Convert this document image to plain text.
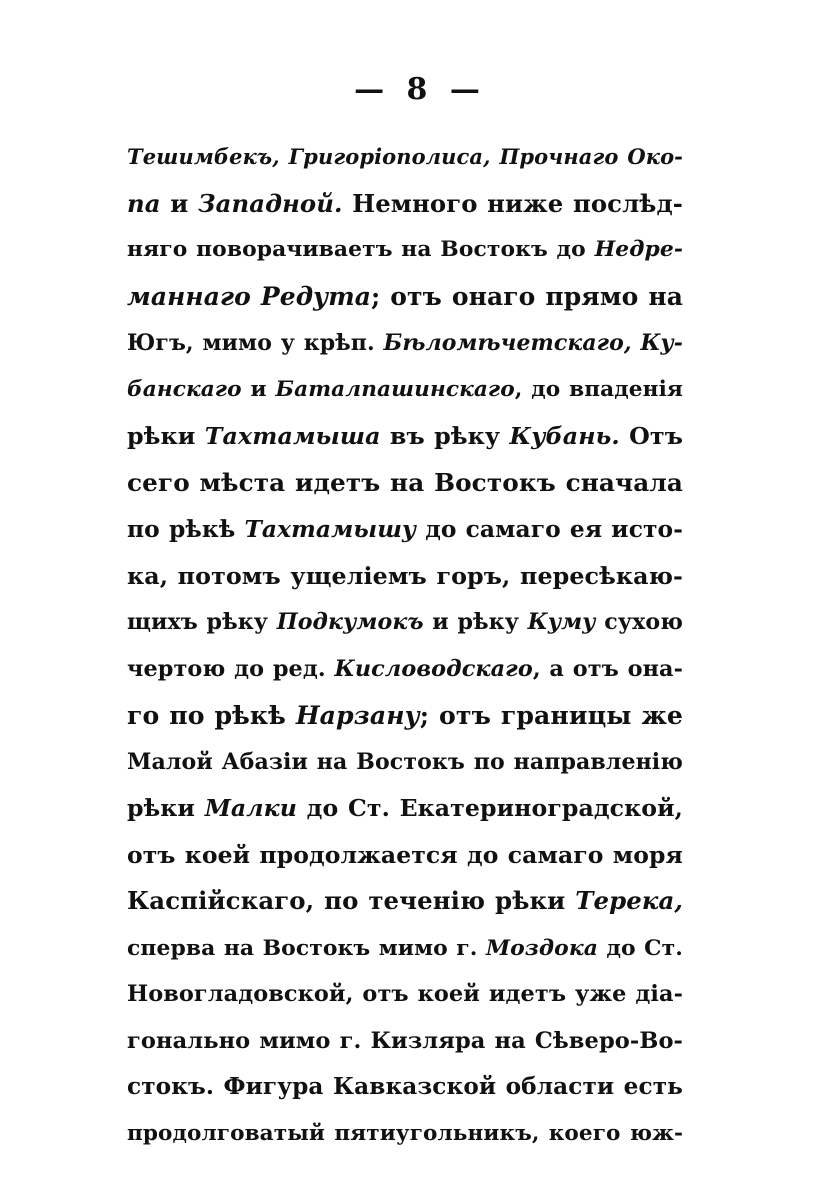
— 8 —
Тешимбекъ, Григоріополиса, Прочнаго Око-
па и Западной. Немного ниже послѣд-
няго поворачиваетъ на Востокъ до Недре-
маннаго Редута; отъ онаго прямо на
Югъ, мимо у крѣп. Бѣломѣчетскаго, Ку-
банскаго и Баталпашинскаго, до впаденія
рѣки Тахтамыша въ рѣку Кубань. Отъ
сего мѣста идетъ на Востокъ сначала
по рѣкѣ Тахтамышу до самаго ея истo-
ка, потомъ ущеліемъ горъ, пересѣкаю-
щихъ рѣку Подкумокъ и рѣку Куму сухою
чертою до ред. Кисловодскаго, а отъ она-
го по рѣкѣ Нарзану; отъ границы же
Малой Абазіи на Востокъ по направленію
рѣки Малки до Ст. Екатериноградской,
отъ коей продолжается до самаго моря
Каспійскаго, по теченію рѣки Терека,
сперва на Востокъ мимо г. Моздока до Ст.
Новогладовской, отъ коей идетъ уже діа-
гонально мимо г. Кизляра на Сѣверо-Во-
стокъ. Фигура Кавказской области есть
продолговатый пятиугольникъ, коего юж-
